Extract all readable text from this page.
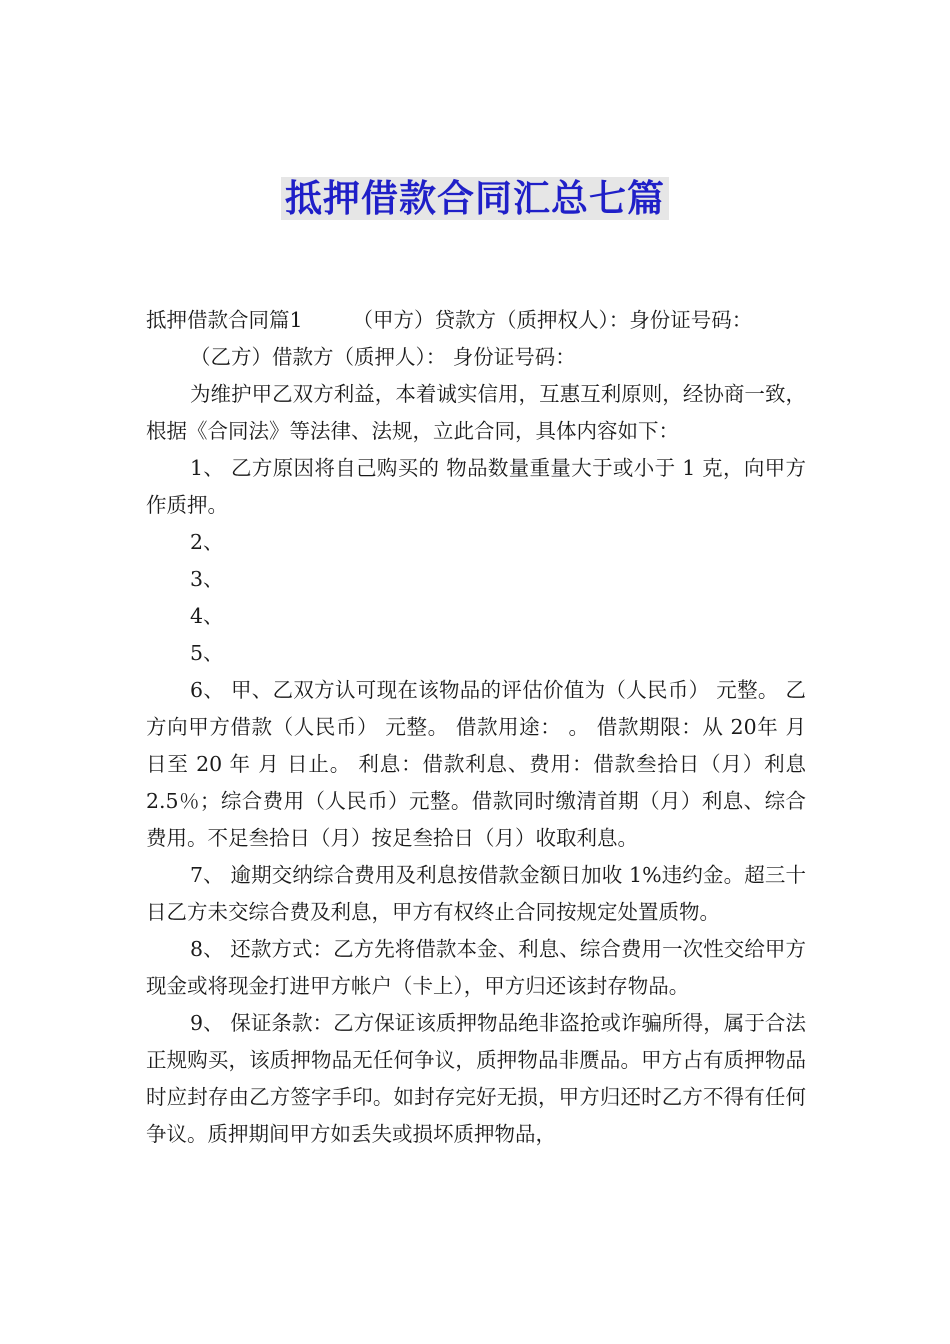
抵押借款合同汇总七篇
抵押借款合同篇1 （甲方）贷款方（质押权人）：身份证号码：
（乙方）借款方（质押人）： 身份证号码：
为维护甲乙双方利益，本着诚实信用，互惠互利原则，经协商一致，根据《合同法》等法律、法规，立此合同，具体内容如下：
1、 乙方原因将自己购买的 物品数量重量大于或小于 1 克，向甲方作质押。
2、
3、
4、
5、
6、 甲、乙双方认可现在该物品的评估价值为（人民币） 元整。 乙方向甲方借款（人民币） 元整。 借款用途： 。 借款期限：从 20年 月 日至 20 年 月 日止。 利息：借款利息、费用：借款叁拾日（月）利息 2.5％；综合费用（人民币）元整。借款同时缴清首期（月）利息、综合费用。不足叁拾日（月）按足叁拾日（月）收取利息。
7、 逾期交纳综合费用及利息按借款金额日加收 1%违约金。超三十日乙方未交综合费及利息，甲方有权终止合同按规定处置质物。
8、 还款方式：乙方先将借款本金、利息、综合费用一次性交给甲方现金或将现金打进甲方帐户（卡上），甲方归还该封存物品。
9、 保证条款：乙方保证该质押物品绝非盗抢或诈骗所得，属于合法正规购买，该质押物品无任何争议，质押物品非赝品。甲方占有质押物品时应封存由乙方签字手印。如封存完好无损，甲方归还时乙方不得有任何争议。质押期间甲方如丢失或损坏质押物品，
